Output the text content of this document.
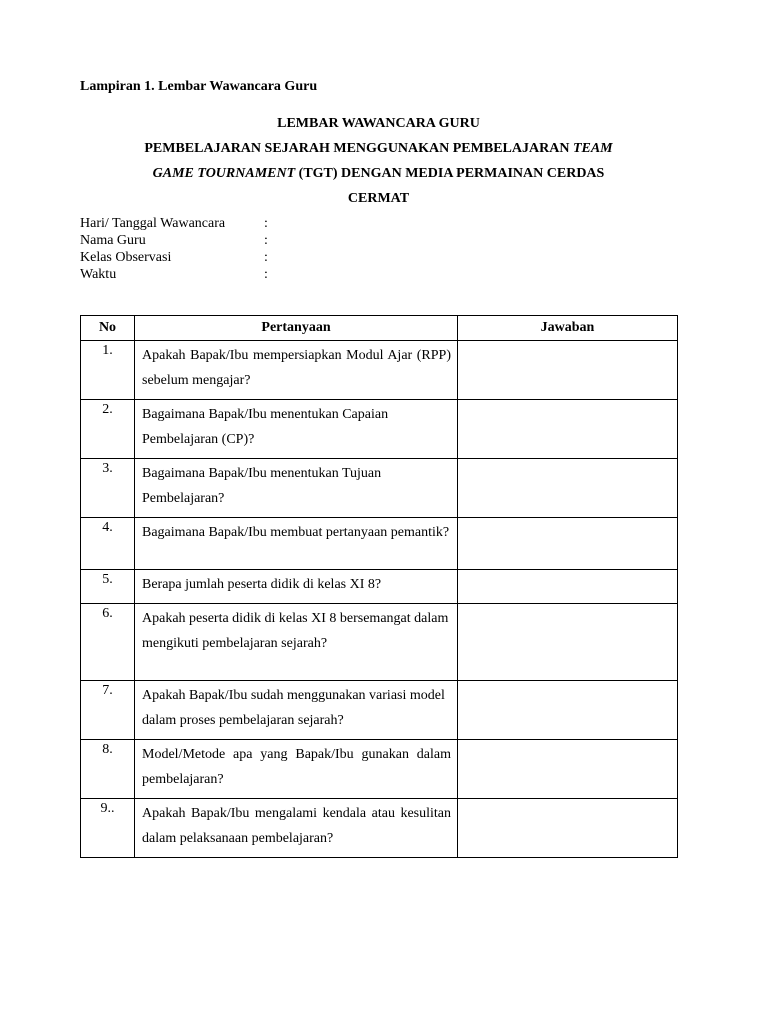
Lampiran 1. Lembar Wawancara Guru
LEMBAR WAWANCARA GURU
PEMBELAJARAN SEJARAH MENGGUNAKAN PEMBELAJARAN TEAM
GAME TOURNAMENT (TGT) DENGAN MEDIA PERMAINAN CERDAS
CERMAT
Hari/ Tanggal Wawancara	:
Nama Guru	:
Kelas Observasi	:
Waktu	:
No	Pertanyaan	Jawaban
1.	Apakah Bapak/Ibu mempersiapkan Modul Ajar (RPP) sebelum mengajar?	
2.	Bagaimana Bapak/Ibu menentukan Capaian Pembelajaran (CP)?	
3.	Bagaimana Bapak/Ibu menentukan Tujuan Pembelajaran?	
4.	Bagaimana Bapak/Ibu membuat pertanyaan pemantik?	
5.	Berapa jumlah peserta didik di kelas XI 8?	
6.	Apakah peserta didik di kelas XI 8 bersemangat dalam mengikuti pembelajaran sejarah?	
7.	Apakah Bapak/Ibu sudah menggunakan variasi model dalam proses pembelajaran sejarah?	
8.	Model/Metode apa yang Bapak/Ibu gunakan dalam pembelajaran?	
9..	Apakah Bapak/Ibu mengalami kendala atau kesulitan dalam pelaksanaan pembelajaran?	
